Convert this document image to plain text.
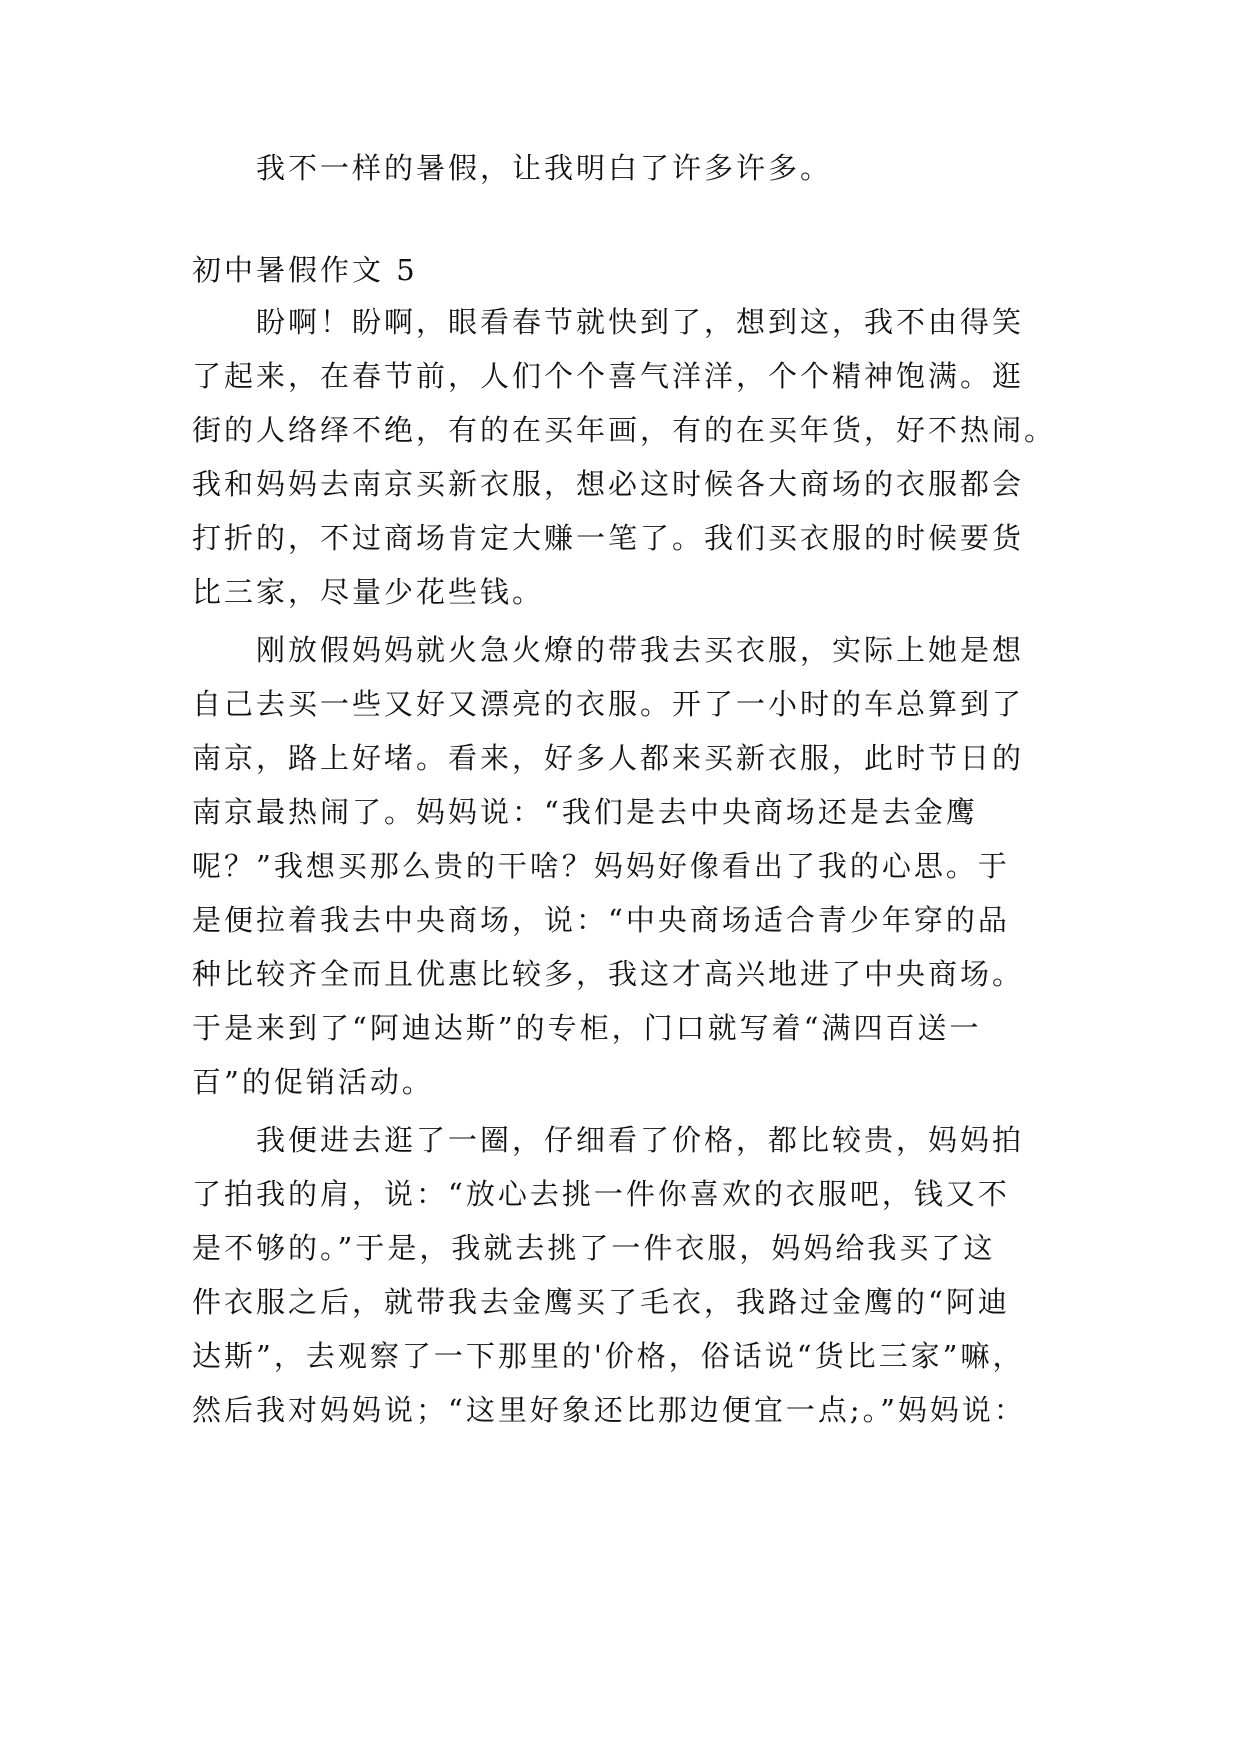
我不一样的暑假，让我明白了许多许多。
初中暑假作文 5
盼啊！盼啊，眼看春节就快到了，想到这，我不由得笑
了起来，在春节前，人们个个喜气洋洋，个个精神饱满。逛
街的人络绎不绝，有的在买年画，有的在买年货，好不热闹。
我和妈妈去南京买新衣服，想必这时候各大商场的衣服都会
打折的，不过商场肯定大赚一笔了。我们买衣服的时候要货
比三家，尽量少花些钱。
刚放假妈妈就火急火燎的带我去买衣服，实际上她是想
自己去买一些又好又漂亮的衣服。开了一小时的车总算到了
南京，路上好堵。看来，好多人都来买新衣服，此时节日的
南京最热闹了。妈妈说：“我们是去中央商场还是去金鹰
呢？”我想买那么贵的干啥？妈妈好像看出了我的心思。于
是便拉着我去中央商场，说：“中央商场适合青少年穿的品
种比较齐全而且优惠比较多，我这才高兴地进了中央商场。
于是来到了“阿迪达斯”的专柜，门口就写着“满四百送一
百”的促销活动。
我便进去逛了一圈，仔细看了价格，都比较贵，妈妈拍
了拍我的肩，说：“放心去挑一件你喜欢的衣服吧，钱又不
是不够的。”于是，我就去挑了一件衣服，妈妈给我买了这
件衣服之后，就带我去金鹰买了毛衣，我路过金鹰的“阿迪
达斯”，去观察了一下那里的'价格，俗话说“货比三家”嘛，
然后我对妈妈说；“这里好象还比那边便宜一点;。”妈妈说：
